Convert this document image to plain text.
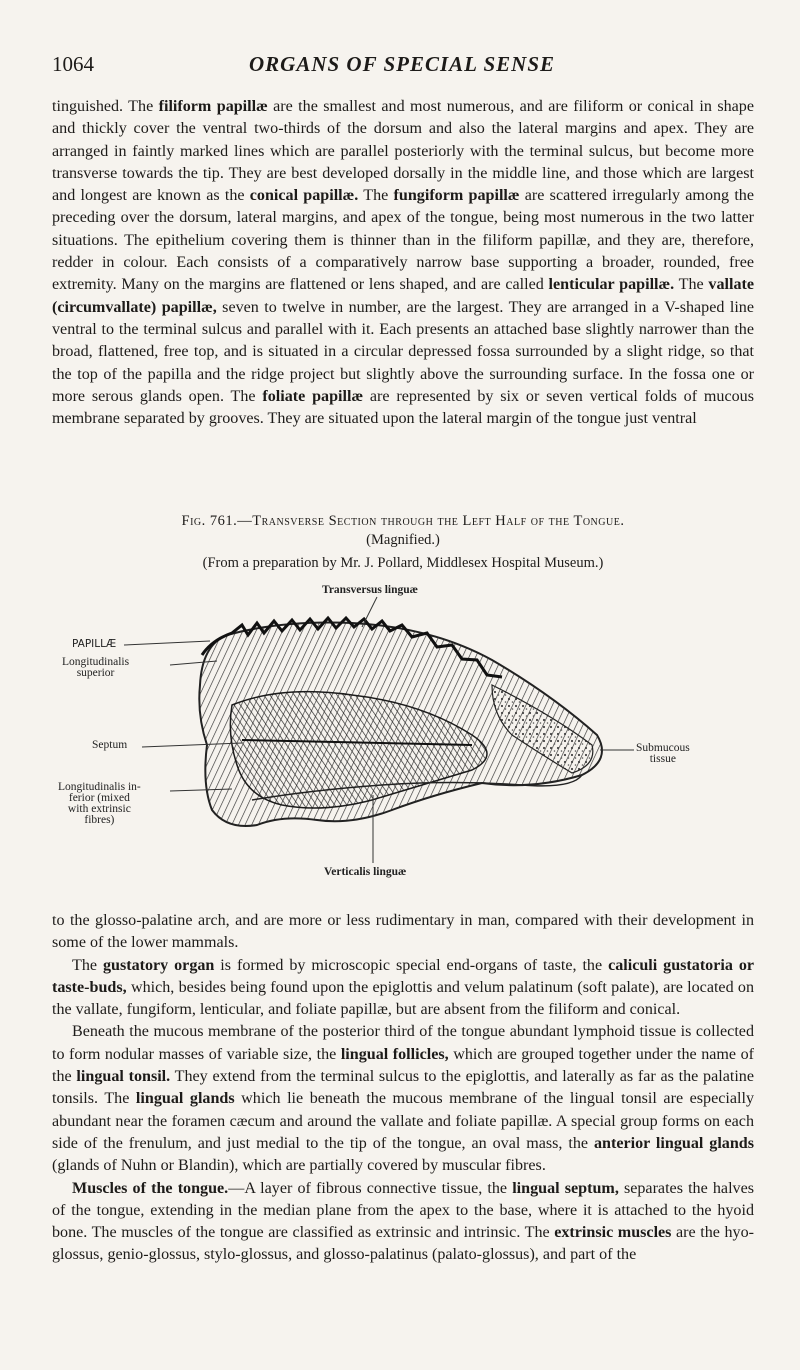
1064	ORGANS OF SPECIAL SENSE

tinguished. The filiform papillæ are the smallest and most numerous, and are filiform or conical in shape and thickly cover the ventral two-thirds of the dorsum and also the lateral margins and apex. They are arranged in faintly marked lines which are parallel posteriorly with the terminal sulcus, but become more transverse towards the tip. They are best developed dorsally in the middle line, and those which are largest and longest are known as the conical papillæ. The fungiform papillæ are scattered irregularly among the preceding over the dorsum, lateral margins, and apex of the tongue, being most numerous in the two latter situations. The epithelium covering them is thinner than in the filiform papillæ, and they are, therefore, redder in colour. Each consists of a comparatively narrow base supporting a broader, rounded, free extremity. Many on the margins are flattened or lens shaped, and are called lenticular papillæ. The vallate (circumvallate) papillæ, seven to twelve in number, are the largest. They are arranged in a V-shaped line ventral to the terminal sulcus and parallel with it. Each presents an attached base slightly narrower than the broad, flattened, free top, and is situated in a circular depressed fossa surrounded by a slight ridge, so that the top of the papilla and the ridge project but slightly above the surrounding surface. In the fossa one or more serous glands open. The foliate papillæ are represented by six or seven vertical folds of mucous membrane separated by grooves. They are situated upon the lateral margin of the tongue just ventral

Fig. 761.—Transverse Section through the Left Half of the Tongue.
(Magnified.)
(From a preparation by Mr. J. Pollard, Middlesex Hospital Museum.)
Transversus linguæ
PAPILLÆ
Longitudinalis
superior
Septum
Longitudinalis in-
ferior (mixed
with extrinsic
fibres)
Submucous
tissue
Verticalis linguæ

to the glosso-palatine arch, and are more or less rudimentary in man, compared with their development in some of the lower mammals.

The gustatory organ is formed by microscopic special end-organs of taste, the caliculi gustatoria or taste-buds, which, besides being found upon the epiglottis and velum palatinum (soft palate), are located on the vallate, fungiform, lenticular, and foliate papillæ, but are absent from the filiform and conical.

Beneath the mucous membrane of the posterior third of the tongue abundant lymphoid tissue is collected to form nodular masses of variable size, the lingual follicles, which are grouped together under the name of the lingual tonsil. They extend from the terminal sulcus to the epiglottis, and laterally as far as the palatine tonsils. The lingual glands which lie beneath the mucous membrane of the lingual tonsil are especially abundant near the foramen cæcum and around the vallate and foliate papillæ. A special group forms on each side of the frenulum, and just medial to the tip of the tongue, an oval mass, the anterior lingual glands (glands of Nuhn or Blandin), which are partially covered by muscular fibres.

Muscles of the tongue.—A layer of fibrous connective tissue, the lingual septum, separates the halves of the tongue, extending in the median plane from the apex to the base, where it is attached to the hyoid bone. The muscles of the tongue are classified as extrinsic and intrinsic. The extrinsic muscles are the hyo-glossus, genio-glossus, stylo-glossus, and glosso-palatinus (palato-glossus), and part of the
